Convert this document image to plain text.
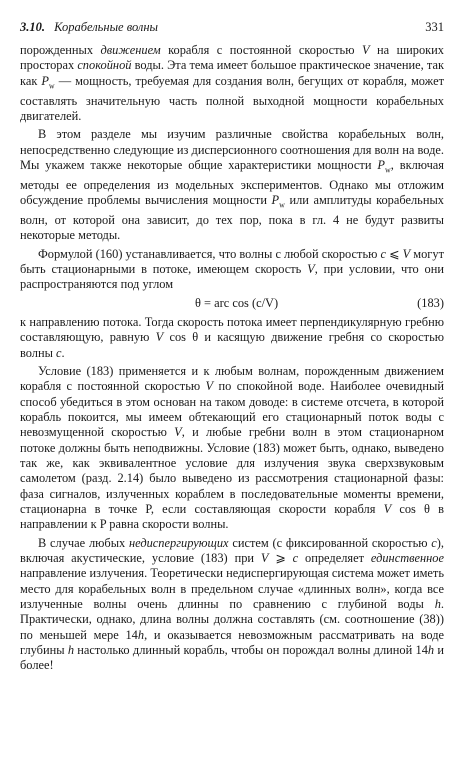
3.10. Корабельные волны	331

порожденных движением корабля с постоянной скоростью V на широких просторах спокойной воды. Эта тема имеет большое практическое значение, так как $P_w$ — мощность, требуемая для создания волн, бегущих от корабля, может составлять значительную часть полной выходной мощности корабельных двигателей.

В этом разделе мы изучим различные свойства корабельных волн, непосредственно следующие из дисперсионного соотношения для волн на воде. Мы укажем также некоторые общие характеристики мощности $P_w$, включая методы ее определения из модельных экспериментов. Однако мы отложим обсуждение проблемы вычисления мощности $P_w$ или амплитуды корабельных волн, от которой она зависит, до тех пор, пока в гл. 4 не будут развиты некоторые методы.

Формулой (160) устанавливается, что волны с любой скоростью c ⩽ V могут быть стационарными в потоке, имеющем скорость V, при условии, что они распространяются под углом

θ = arc cos (c/V)	(183)

к направлению потока. Тогда скорость потока имеет перпендикулярную гребню составляющую, равную V cos θ и касящую движение гребня со скоростью волны c.

Условие (183) применяется и к любым волнам, порожденным движением корабля с постоянной скоростью V по спокойной воде. Наиболее очевидный способ убедиться в этом основан на таком доводе: в системе отсчета, в которой корабль покоится, мы имеем обтекающий его стационарный поток воды с невозмущенной скоростью V, и любые гребни волн в этом стационарном потоке должны быть неподвижны. Условие (183) может быть, однако, выведено так же, как эквивалентное условие для излучения звука сверхзвуковым самолетом (разд. 2.14) было выведено из рассмотрения стационарной фазы: фаза сигналов, излученных кораблем в последовательные моменты времени, стационарна в точке P, если составляющая скорости корабля V cos θ в направлении к P равна скорости волны.

В случае любых недиспергирующих систем (с фиксированной скоростью c), включая акустические, условие (183) при V ⩾ c определяет единственное направление излучения. Теоретически недиспергирующая система может иметь место для корабельных волн в предельном случае «длинных волн», когда все излученные волны очень длинны по сравнению с глубиной воды h. Практически, однако, длина волны должна составлять (см. соотношение (38)) по меньшей мере 14h, и оказывается невозможным рассматривать на воде глубины h настолько длинный корабль, чтобы он порождал волны длиной 14h и более!
